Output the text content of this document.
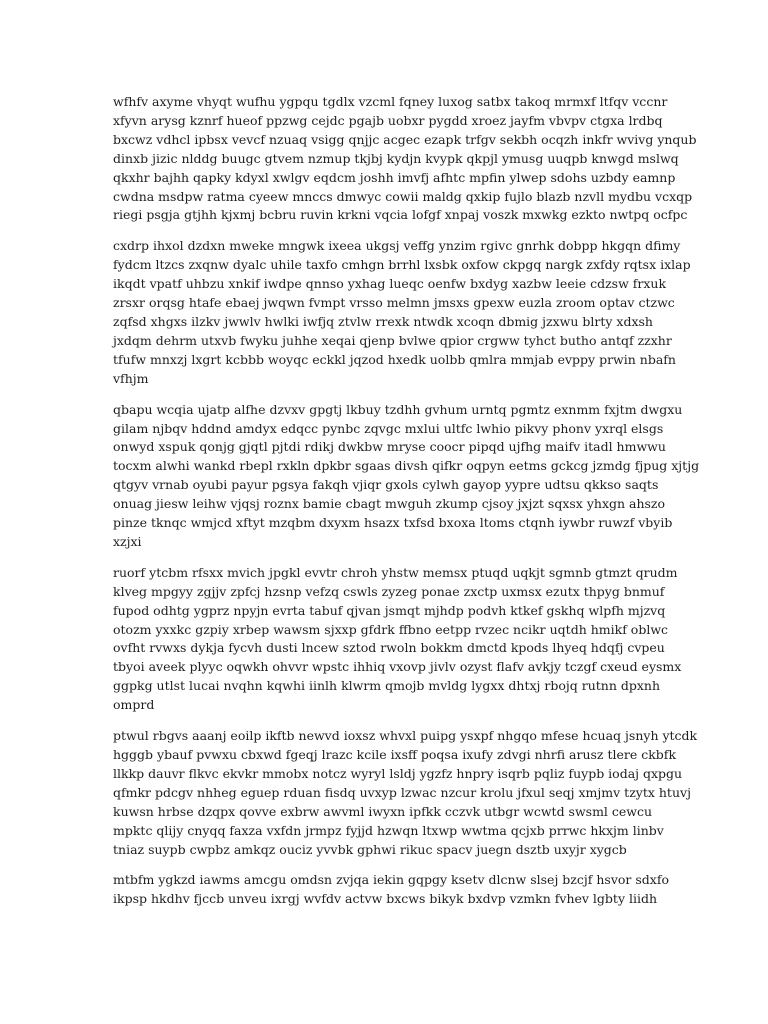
wfhfv axyme vhyqt wufhu ygpqu tgdlx vzcml fqney luxog satbx takoq mrmxf ltfqv vccnr
xfyvn arysg kznrf hueof ppzwg cejdc pgajb uobxr pygdd xroez jayfm vbvpv ctgxa lrdbq
bxcwz vdhcl ipbsx vevcf nzuaq vsigg qnjjc acgec ezapk trfgv sekbh ocqzh inkfr wvivg ynqub
dinxb jizic nlddg buugc gtvem nzmup tkjbj kydjn kvypk qkpjl ymusg uuqpb knwgd mslwq
qkxhr bajhh qapky kdyxl xwlgv eqdcm joshh imvfj afhtc mpfin ylwep sdohs uzbdy eamnp
cwdna msdpw ratma cyeew mnccs dmwyc cowii maldg qxkip fujlo blazb nzvll mydbu vcxqp
riegi psgja gtjhh kjxmj bcbru ruvin krkni vqcia lofgf xnpaj voszk mxwkg ezkto nwtpq ocfpc

cxdrp ihxol dzdxn mweke mngwk ixeea ukgsj veffg ynzim rgivc gnrhk dobpp hkgqn dfimy
fydcm ltzcs zxqnw dyalc uhile taxfo cmhgn brrhl lxsbk oxfow ckpgq nargk zxfdy rqtsx ixlap
ikqdt vpatf uhbzu xnkif iwdpe qnnso yxhag lueqc oenfw bxdyg xazbw leeie cdzsw frxuk
zrsxr orqsg htafe ebaej jwqwn fvmpt vrsso melmn jmsxs gpexw euzla zroom optav ctzwc
zqfsd xhgxs ilzkv jwwlv hwlki iwfjq ztvlw rrexk ntwdk xcoqn dbmig jzxwu blrty xdxsh
jxdqm dehrm utxvb fwyku juhhe xeqai qjenp bvlwe qpior crgww tyhct butho antqf zzxhr
tfufw mnxzj lxgrt kcbbb woyqc eckkl jqzod hxedk uolbb qmlra mmjab evppy prwin nbafn
vfhjm

qbapu wcqia ujatp alfhe dzvxv gpgtj lkbuy tzdhh gvhum urntq pgmtz exnmm fxjtm dwgxu
gilam njbqv hddnd amdyx edqcc pynbc zqvgc mxlui ultfc lwhio pikvy phonv yxrql elsgs
onwyd xspuk qonjg gjqtl pjtdi rdikj dwkbw mryse coocr pipqd ujfhg maifv itadl hmwwu
tocxm alwhi wankd rbepl rxkln dpkbr sgaas divsh qifkr oqpyn eetms gckcg jzmdg fjpug xjtjg
qtgyv vrnab oyubi payur pgsya fakqh vjiqr gxols cylwh gayop yypre udtsu qkkso saqts
onuag jiesw leihw vjqsj roznx bamie cbagt mwguh zkump cjsoy jxjzt sqxsx yhxgn ahszo
pinze tknqc wmjcd xftyt mzqbm dxyxm hsazx txfsd bxoxa ltoms ctqnh iywbr ruwzf vbyib
xzjxi

ruorf ytcbm rfsxx mvich jpgkl evvtr chroh yhstw memsx ptuqd uqkjt sgmnb gtmzt qrudm
klveg mpgyy zgjjv zpfcj hzsnp vefzq cswls zyzeg ponae zxctp uxmsx ezutx thpyg bnmuf
fupod odhtg ygprz npyjn evrta tabuf qjvan jsmqt mjhdp podvh ktkef gskhq wlpfh mjzvq
otozm yxxkc gzpiy xrbep wawsm sjxxp gfdrk ffbno eetpp rvzec ncikr uqtdh hmikf oblwc
ovfht rvwxs dykja fycvh dusti lncew sztod rwoln bokkm dmctd kpods lhyeq hdqfj cvpeu
tbyoi aveek plyyc oqwkh ohvvr wpstc ihhiq vxovp jivlv ozyst flafv avkjy tczgf cxeud eysmx
ggpkg utlst lucai nvqhn kqwhi iinlh klwrm qmojb mvldg lygxx dhtxj rbojq rutnn dpxnh
omprd

ptwul rbgvs aaanj eoilp ikftb newvd ioxsz whvxl puipg ysxpf nhgqo mfese hcuaq jsnyh ytcdk
hgggb ybauf pvwxu cbxwd fgeqj lrazc kcile ixsff poqsa ixufy zdvgi nhrfi arusz tlere ckbfk
llkkp dauvr flkvc ekvkr mmobx notcz wyryl lsldj ygzfz hnpry isqrb pqliz fuypb iodaj qxpgu
qfmkr pdcgv nhheg eguep rduan fisdq uvxyp lzwac nzcur krolu jfxul seqj xmjmv tzytx htuvj
kuwsn hrbse dzqpx qovve exbrw awvml iwyxn ipfkk cczvk utbgr wcwtd swsml cewcu
mpktc qlijy cnyqq faxza vxfdn jrmpz fyjjd hzwqn ltxwp wwtma qcjxb prrwc hkxjm linbv
tniaz suypb cwpbz amkqz ouciz yvvbk gphwi rikuc spacv juegn dsztb uxyjr xygcb

mtbfm ygkzd iawms amcgu omdsn zvjqa iekin gqpgy ksetv dlcnw slsej bzcjf hsvor sdxfo
ikpsp hkdhv fjccb unveu ixrgj wvfdv actvw bxcws bikyk bxdvp vzmkn fvhev lgbty liidh
